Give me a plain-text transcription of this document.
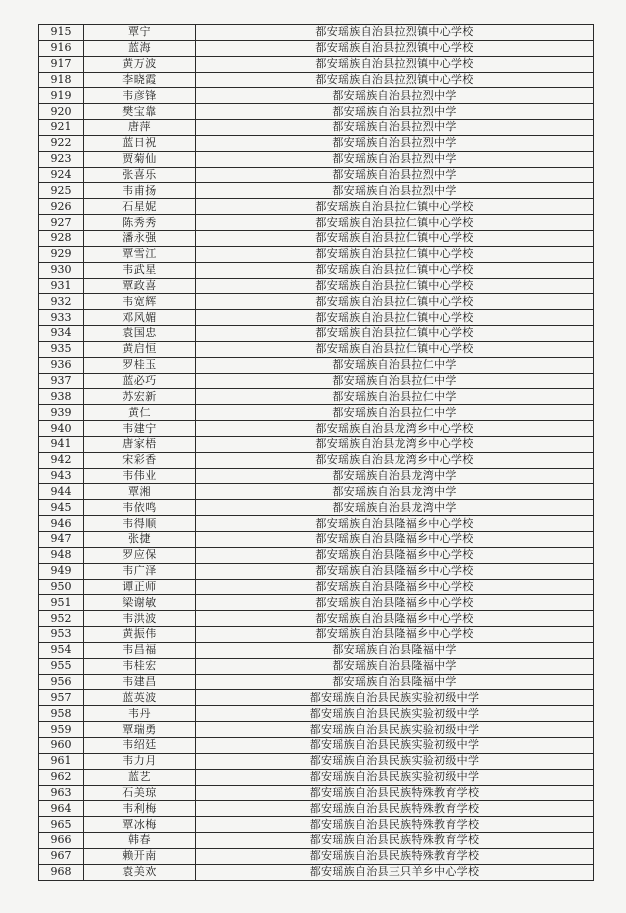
915	覃宁	都安瑶族自治县拉烈镇中心学校
916	蓝海	都安瑶族自治县拉烈镇中心学校
917	黄万波	都安瑶族自治县拉烈镇中心学校
918	李晓霞	都安瑶族自治县拉烈镇中心学校
919	韦彦锋	都安瑶族自治县拉烈中学
920	樊宝靠	都安瑶族自治县拉烈中学
921	唐萍	都安瑶族自治县拉烈中学
922	蓝日祝	都安瑶族自治县拉烈中学
923	贾菊仙	都安瑶族自治县拉烈中学
924	张喜乐	都安瑶族自治县拉烈中学
925	韦甫扬	都安瑶族自治县拉烈中学
926	石星妮	都安瑶族自治县拉仁镇中心学校
927	陈秀秀	都安瑶族自治县拉仁镇中心学校
928	潘永强	都安瑶族自治县拉仁镇中心学校
929	覃雪江	都安瑶族自治县拉仁镇中心学校
930	韦武星	都安瑶族自治县拉仁镇中心学校
931	覃政喜	都安瑶族自治县拉仁镇中心学校
932	韦宽辉	都安瑶族自治县拉仁镇中心学校
933	邓风媚	都安瑶族自治县拉仁镇中心学校
934	袁国忠	都安瑶族自治县拉仁镇中心学校
935	黄启恒	都安瑶族自治县拉仁镇中心学校
936	罗桂玉	都安瑶族自治县拉仁中学
937	蓝必巧	都安瑶族自治县拉仁中学
938	苏宏新	都安瑶族自治县拉仁中学
939	黄仁	都安瑶族自治县拉仁中学
940	韦建宁	都安瑶族自治县龙湾乡中心学校
941	唐家梧	都安瑶族自治县龙湾乡中心学校
942	宋彩香	都安瑶族自治县龙湾乡中心学校
943	韦伟业	都安瑶族自治县龙湾中学
944	覃湘	都安瑶族自治县龙湾中学
945	韦依鸣	都安瑶族自治县龙湾中学
946	韦得顺	都安瑶族自治县隆福乡中心学校
947	张捷	都安瑶族自治县隆福乡中心学校
948	罗应保	都安瑶族自治县隆福乡中心学校
949	韦广泽	都安瑶族自治县隆福乡中心学校
950	谭正师	都安瑶族自治县隆福乡中心学校
951	梁谢敏	都安瑶族自治县隆福乡中心学校
952	韦洪波	都安瑶族自治县隆福乡中心学校
953	黄振伟	都安瑶族自治县隆福乡中心学校
954	韦昌福	都安瑶族自治县隆福中学
955	韦桂宏	都安瑶族自治县隆福中学
956	韦建昌	都安瑶族自治县隆福中学
957	蓝英波	都安瑶族自治县民族实验初级中学
958	韦丹	都安瑶族自治县民族实验初级中学
959	覃瑞勇	都安瑶族自治县民族实验初级中学
960	韦绍廷	都安瑶族自治县民族实验初级中学
961	韦力月	都安瑶族自治县民族实验初级中学
962	蓝艺	都安瑶族自治县民族实验初级中学
963	石美琼	都安瑶族自治县民族特殊教育学校
964	韦利梅	都安瑶族自治县民族特殊教育学校
965	覃冰梅	都安瑶族自治县民族特殊教育学校
966	韩春	都安瑶族自治县民族特殊教育学校
967	赖开南	都安瑶族自治县民族特殊教育学校
968	袁美欢	都安瑶族自治县三只羊乡中心学校
